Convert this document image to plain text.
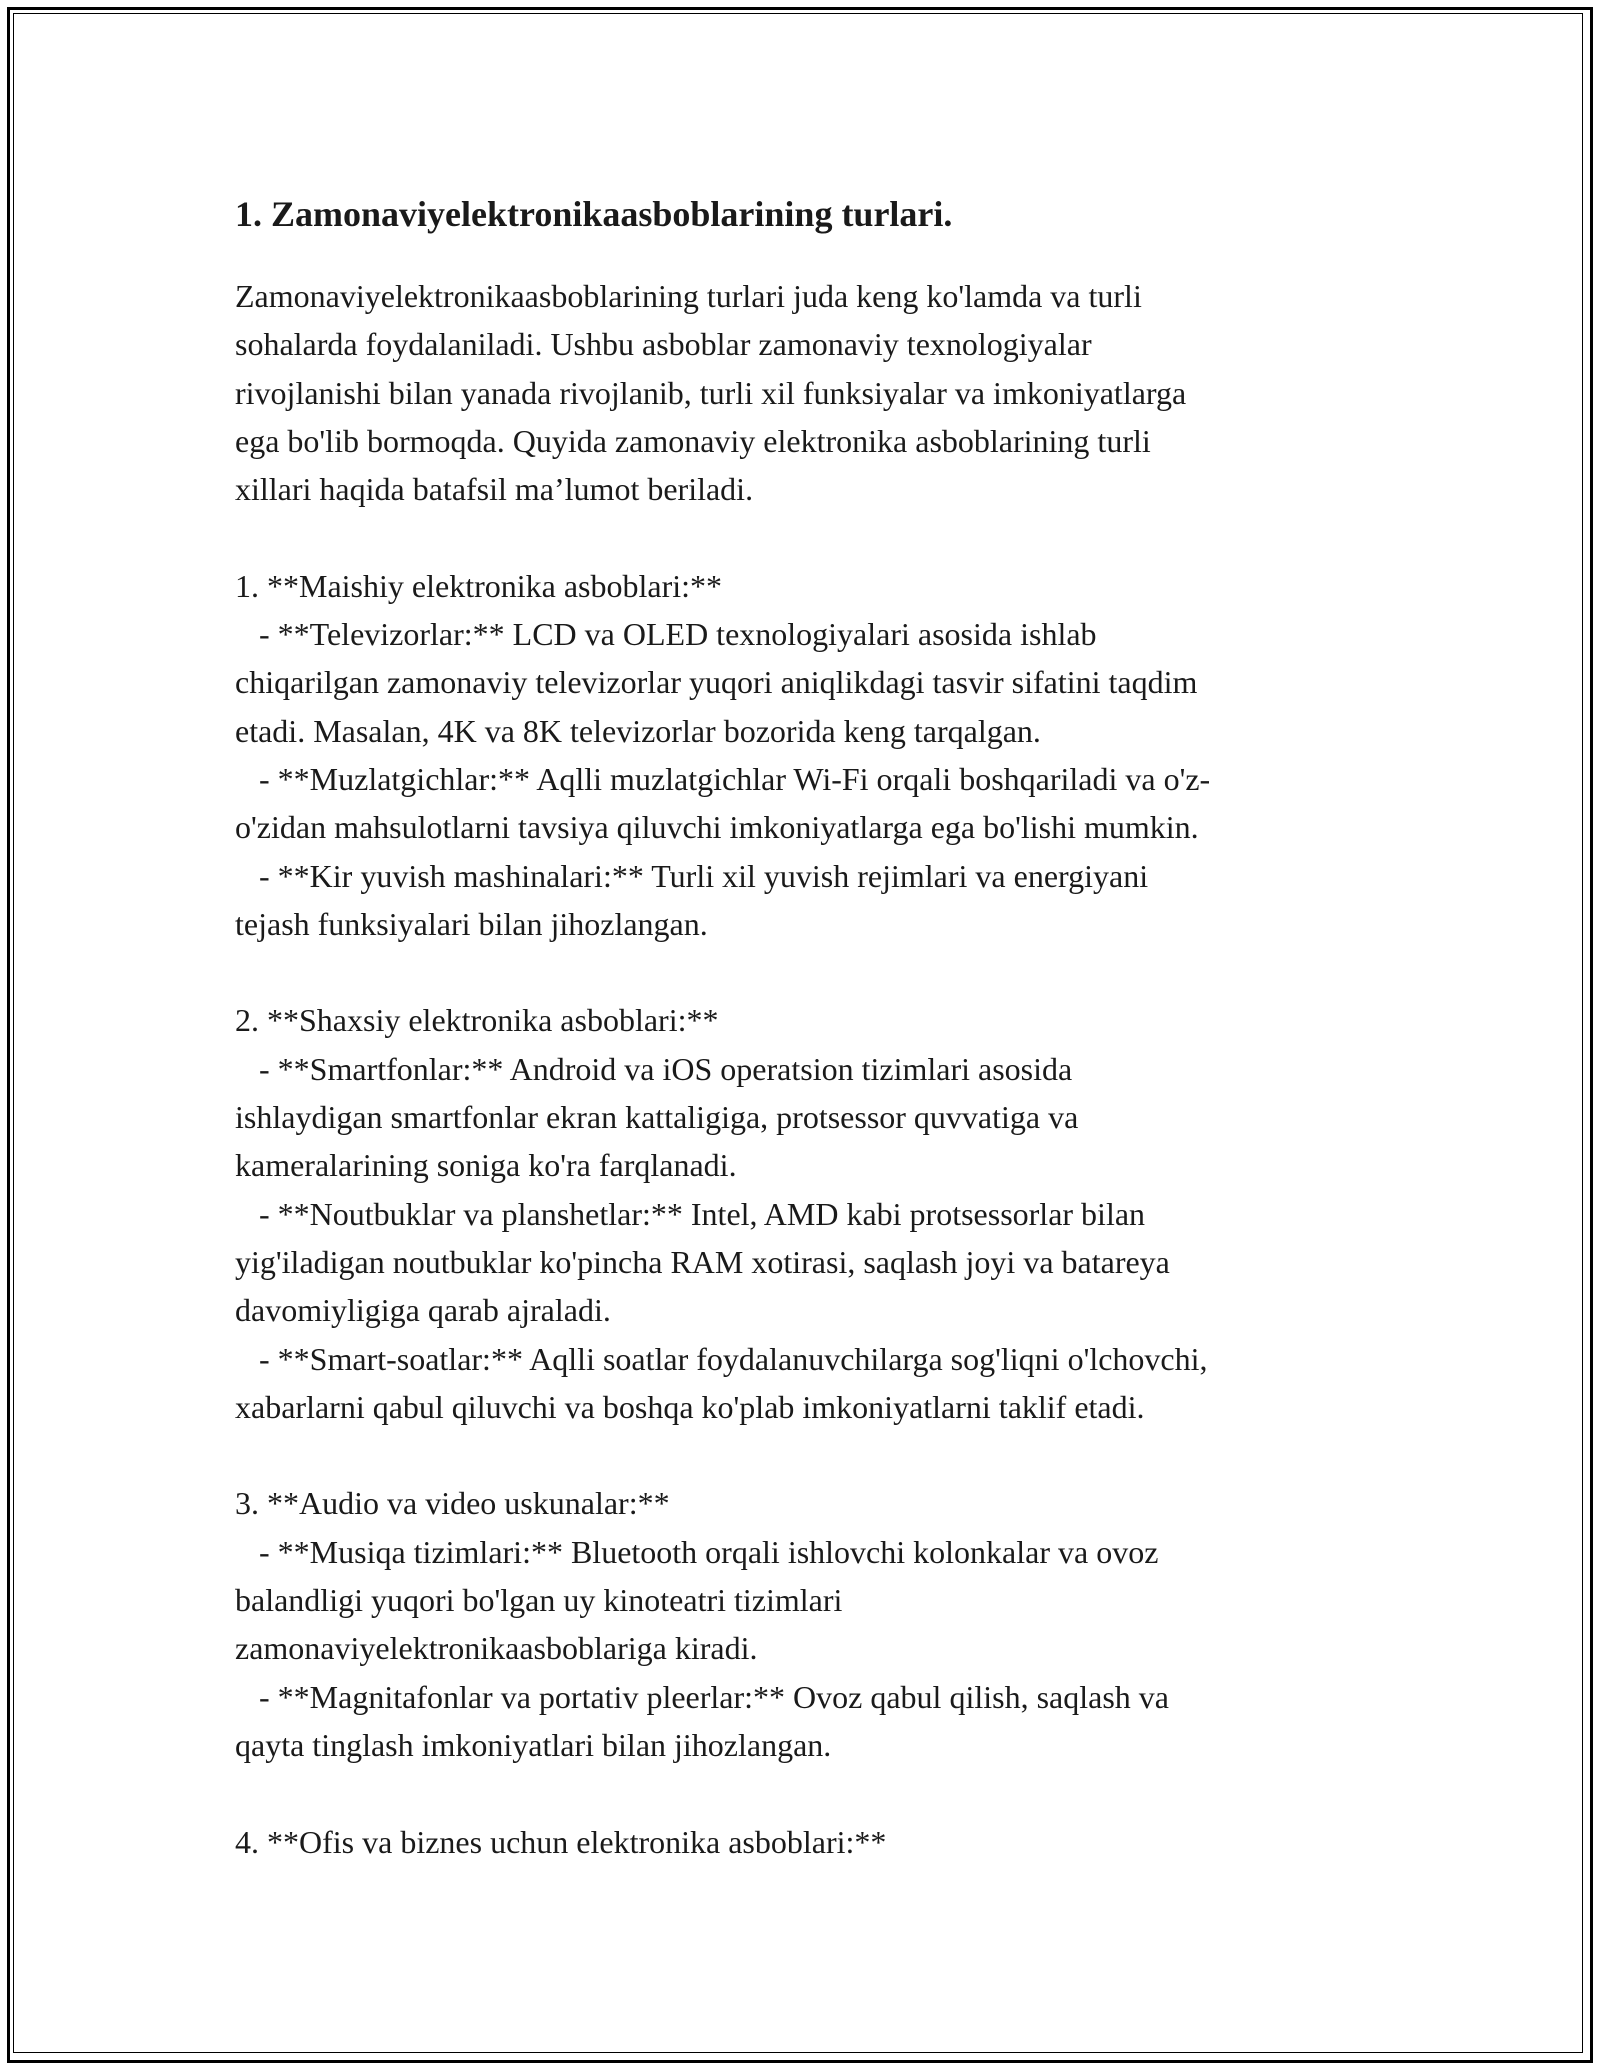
1. Zamonaviyelektronikaasboblarining turlari.

Zamonaviyelektronikaasboblarining turlari juda keng ko'lamda va turli
sohalarda foydalaniladi. Ushbu asboblar zamonaviy texnologiyalar
rivojlanishi bilan yanada rivojlanib, turli xil funksiyalar va imkoniyatlarga
ega bo'lib bormoqda. Quyida zamonaviy elektronika asboblarining turli
xillari haqida batafsil ma’lumot beriladi.

1. **Maishiy elektronika asboblari:**
- **Televizorlar:** LCD va OLED texnologiyalari asosida ishlab
chiqarilgan zamonaviy televizorlar yuqori aniqlikdagi tasvir sifatini taqdim
etadi. Masalan, 4K va 8K televizorlar bozorida keng tarqalgan.
- **Muzlatgichlar:** Aqlli muzlatgichlar Wi-Fi orqali boshqariladi va o'z-
o'zidan mahsulotlarni tavsiya qiluvchi imkoniyatlarga ega bo'lishi mumkin.
- **Kir yuvish mashinalari:** Turli xil yuvish rejimlari va energiyani
tejash funksiyalari bilan jihozlangan.

2. **Shaxsiy elektronika asboblari:**
- **Smartfonlar:** Android va iOS operatsion tizimlari asosida
ishlaydigan smartfonlar ekran kattaligiga, protsessor quvvatiga va
kameralarining soniga ko'ra farqlanadi.
- **Noutbuklar va planshetlar:** Intel, AMD kabi protsessorlar bilan
yig'iladigan noutbuklar ko'pincha RAM xotirasi, saqlash joyi va batareya
davomiyligiga qarab ajraladi.
- **Smart-soatlar:** Aqlli soatlar foydalanuvchilarga sog'liqni o'lchovchi,
xabarlarni qabul qiluvchi va boshqa ko'plab imkoniyatlarni taklif etadi.

3. **Audio va video uskunalar:**
- **Musiqa tizimlari:** Bluetooth orqali ishlovchi kolonkalar va ovoz
balandligi yuqori bo'lgan uy kinoteatri tizimlari
zamonaviyelektronikaasboblariga kiradi.
- **Magnitafonlar va portativ pleerlar:** Ovoz qabul qilish, saqlash va
qayta tinglash imkoniyatlari bilan jihozlangan.

4. **Ofis va biznes uchun elektronika asboblari:**
